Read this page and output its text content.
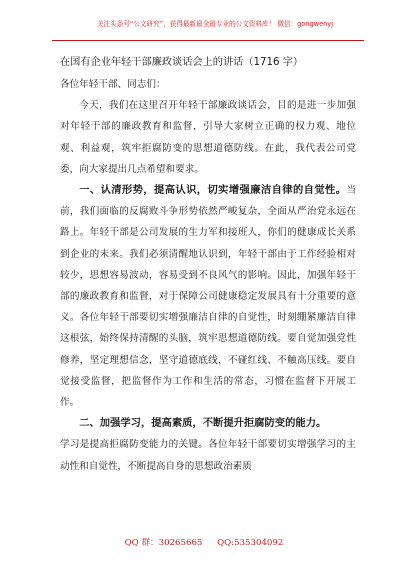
关注头条号“公文研究”，获得最新最全最专业的公文资料库！ 微信：gongwenyj
在国有企业年轻干部廉政谈话会上的讲话（1716 字）

各位年轻干部、同志们：

今天，我们在这里召开年轻干部廉政谈话会，目的是进一步加强对年轻干部的廉政教育和监督，引导大家树立正确的权力观、地位观、利益观，筑牢拒腐防变的思想道德防线。在此，我代表公司党委，向大家提出几点希望和要求。

一、认清形势，提高认识，切实增强廉洁自律的自觉性。当前，我们面临的反腐败斗争形势依然严峻复杂，全面从严治党永远在路上。年轻干部是公司发展的生力军和接班人，你们的健康成长关系到企业的未来。我们必须清醒地认识到，年轻干部由于工作经验相对较少，思想容易波动，容易受到不良风气的影响。因此，加强年轻干部的廉政教育和监督，对于保障公司健康稳定发展具有十分重要的意义。各位年轻干部要切实增强廉洁自律的自觉性，时刻绷紧廉洁自律这根弦，始终保持清醒的头脑，筑牢思想道德防线。要自觉加强党性修养，坚定理想信念，坚守道德底线，不碰红线、不触高压线。要自觉接受监督，把监督作为工作和生活的常态，习惯在监督下开展工作。

二、加强学习，提高素质，不断提升拒腐防变的能力。

学习是提高拒腐防变能力的关键。各位年轻干部要切实增强学习的主动性和自觉性，不断提高自身的思想政治素质

QQ 群：30265665 QQ:535304092
